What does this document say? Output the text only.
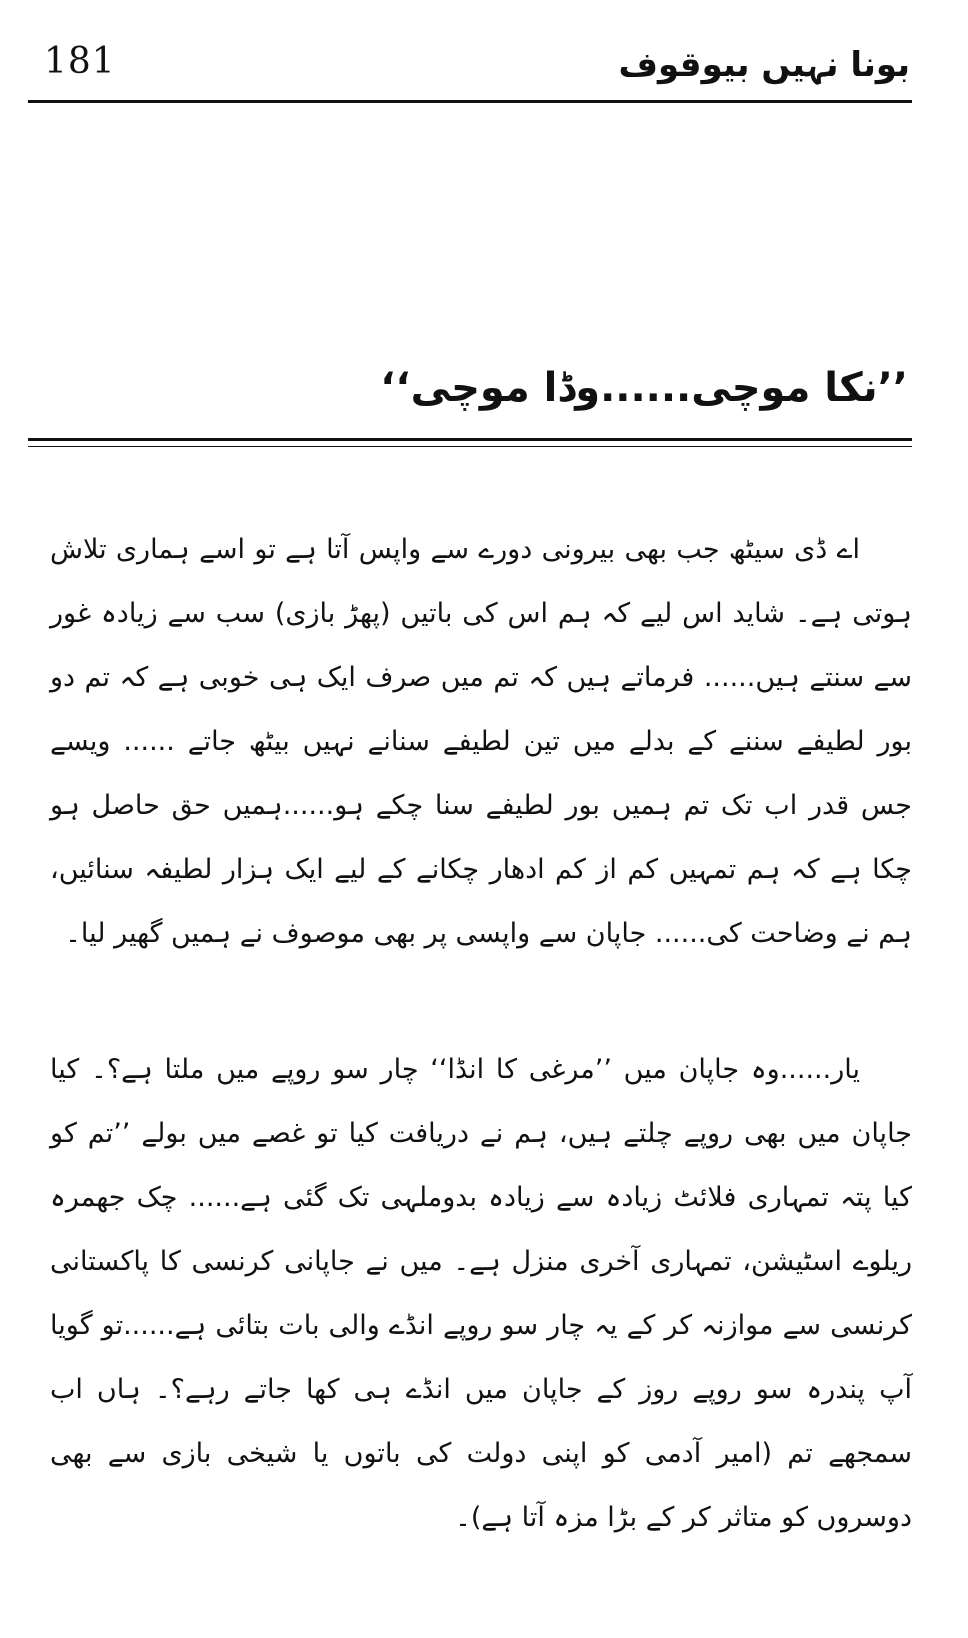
181	بونا نہیں بیوقوف
’’نکا موچی......وڈا موچی‘‘

اے ڈی سیٹھ جب بھی بیرونی دورے سے واپس آتا ہے تو اسے ہماری تلاش ہوتی ہے۔ شاید اس لیے کہ ہم اس کی باتیں (پھڑ بازی) سب سے زیادہ غور سے سنتے ہیں...... فرماتے ہیں کہ تم میں صرف ایک ہی خوبی ہے کہ تم دو بور لطیفے سننے کے بدلے میں تین لطیفے سنانے نہیں بیٹھ جاتے ...... ویسے جس قدر اب تک تم ہمیں بور لطیفے سنا چکے ہو......ہمیں حق حاصل ہو چکا ہے کہ ہم تمہیں کم از کم ادھار چکانے کے لیے ایک ہزار لطیفہ سنائیں، ہم نے وضاحت کی...... جاپان سے واپسی پر بھی موصوف نے ہمیں گھیر لیا۔

یار......وہ جاپان میں ’’مرغی کا انڈا‘‘ چار سو روپے میں ملتا ہے؟۔ کیا جاپان میں بھی روپے چلتے ہیں، ہم نے دریافت کیا تو غصے میں بولے ’’تم کو کیا پتہ تمہاری فلائٹ زیادہ سے زیادہ بدوملہی تک گئی ہے...... چک جھمرہ ریلوے اسٹیشن، تمہاری آخری منزل ہے۔ میں نے جاپانی کرنسی کا پاکستانی کرنسی سے موازنہ کر کے یہ چار سو روپے انڈے والی بات بتائی ہے......تو گویا آپ پندرہ سو روپے روز کے جاپان میں انڈے ہی کھا جاتے رہے؟۔ ہاں اب سمجھے تم (امیر آدمی کو اپنی دولت کی باتوں یا شیخی بازی سے بھی دوسروں کو متاثر کر کے بڑا مزہ آتا ہے)۔
